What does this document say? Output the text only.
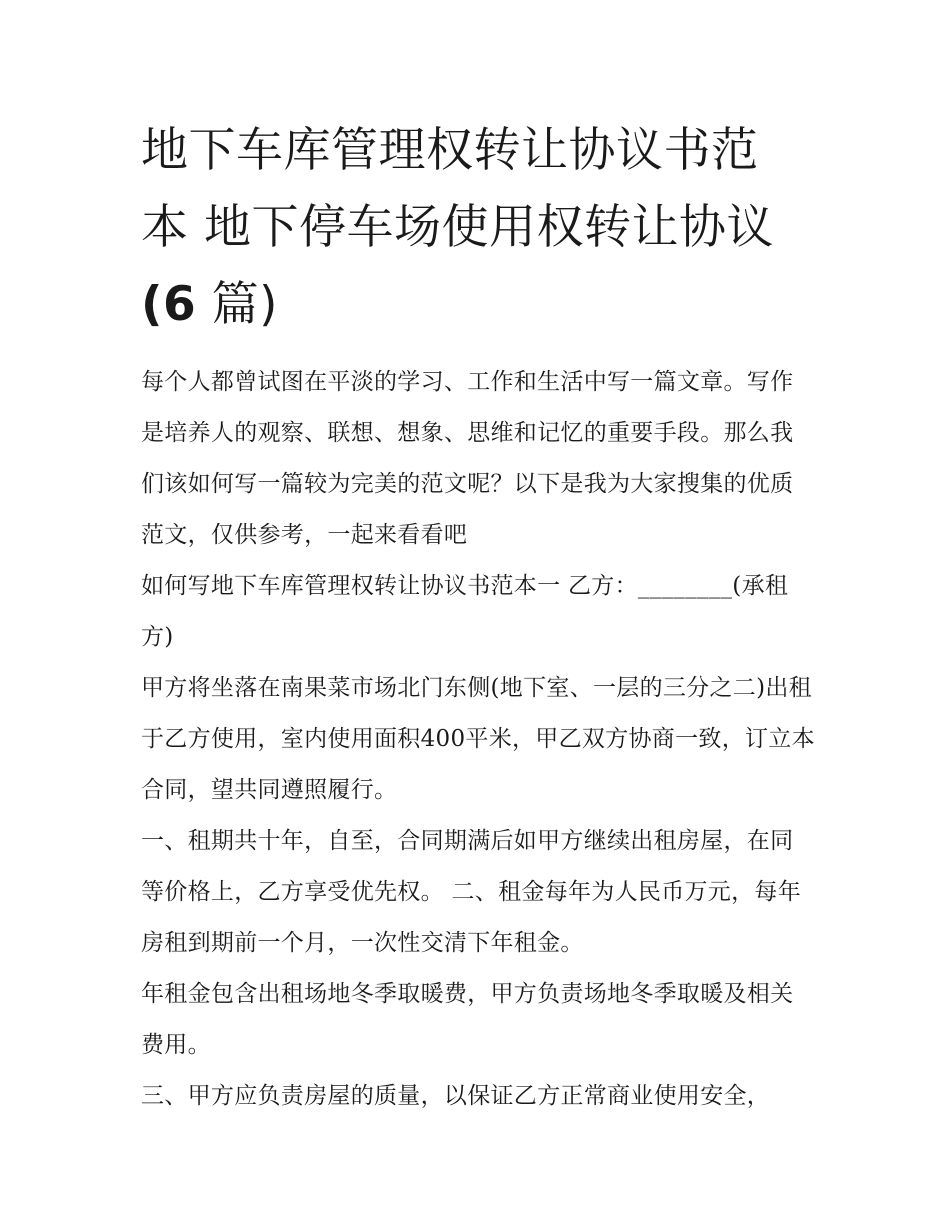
地下车库管理权转让协议书范
本 地下停车场使用权转让协议
(6 篇)

每个人都曾试图在平淡的学习、工作和生活中写一篇文章。写作是培养人的观察、联想、想象、思维和记忆的重要手段。那么我们该如何写一篇较为完美的范文呢？以下是我为大家搜集的优质范文，仅供参考，一起来看看吧

如何写地下车库管理权转让协议书范本一 乙方：________(承租方)

甲方将坐落在南果菜市场北门东侧(地下室、一层的三分之二)出租于乙方使用，室内使用面积400平米，甲乙双方协商一致，订立本合同，望共同遵照履行。

一、租期共十年，自至，合同期满后如甲方继续出租房屋，在同等价格上，乙方享受优先权。 二、租金每年为人民币万元，每年房租到期前一个月，一次性交清下年租金。

年租金包含出租场地冬季取暖费，甲方负责场地冬季取暖及相关费用。

三、甲方应负责房屋的质量，以保证乙方正常商业使用安全，
